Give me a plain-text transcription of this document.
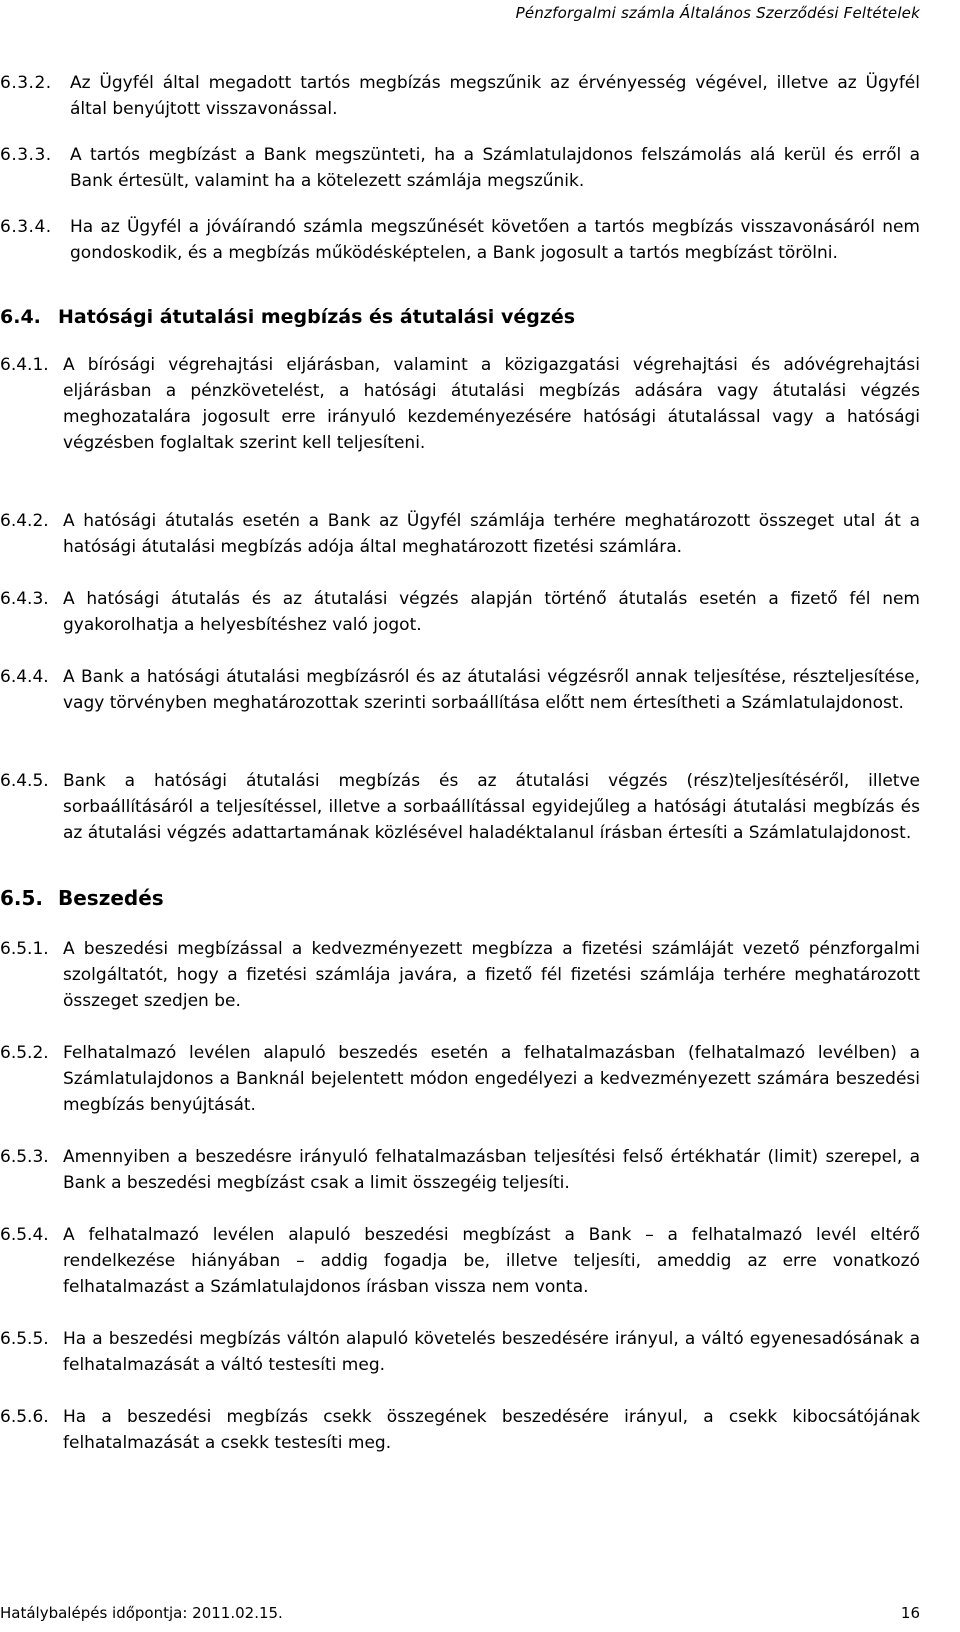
Pénzforgalmi számla Általános Szerződési Feltételek
6.3.2. Az Ügyfél által megadott tartós megbízás megszűnik az érvényesség végével, illetve az Ügyfél által benyújtott visszavonással.
6.3.3. A tartós megbízást a Bank megszünteti, ha a Számlatulajdonos felszámolás alá kerül és erről a Bank értesült, valamint ha a kötelezett számlája megszűnik.
6.3.4. Ha az Ügyfél a jóváírandó számla megszűnését követően a tartós megbízás visszavonásáról nem gondoskodik, és a megbízás működésképtelen, a Bank jogosult a tartós megbízást törölni.
6.4. Hatósági átutalási megbízás és átutalási végzés
6.4.1. A bírósági végrehajtási eljárásban, valamint a közigazgatási végrehajtási és adóvégrehajtási eljárásban a pénzkövetelést, a hatósági átutalási megbízás adására vagy átutalási végzés meghozatalára jogosult erre irányuló kezdeményezésére hatósági átutalással vagy a hatósági végzésben foglaltak szerint kell teljesíteni.
6.4.2. A hatósági átutalás esetén a Bank az Ügyfél számlája terhére meghatározott összeget utal át a hatósági átutalási megbízás adója által meghatározott fizetési számlára.
6.4.3. A hatósági átutalás és az átutalási végzés alapján történő átutalás esetén a fizető fél nem gyakorolhatja a helyesbítéshez való jogot.
6.4.4. A Bank a hatósági átutalási megbízásról és az átutalási végzésről annak teljesítése, részteljesítése, vagy törvényben meghatározottak szerinti sorbaállítása előtt nem értesítheti a Számlatulajdonost.
6.4.5. Bank a hatósági átutalási megbízás és az átutalási végzés (rész)teljesítéséről, illetve sorbaállításáról a teljesítéssel, illetve a sorbaállítással egyidejűleg a hatósági átutalási megbízás és az átutalási végzés adattartamának közlésével haladéktalanul írásban értesíti a Számlatulajdonost.
6.5. Beszedés
6.5.1. A beszedési megbízással a kedvezményezett megbízza a fizetési számláját vezető pénzforgalmi szolgáltatót, hogy a fizetési számlája javára, a fizető fél fizetési számlája terhére meghatározott összeget szedjen be.
6.5.2. Felhatalmazó levélen alapuló beszedés esetén a felhatalmazásban (felhatalmazó levélben) a Számlatulajdonos a Banknál bejelentett módon engedélyezi a kedvezményezett számára beszedési megbízás benyújtását.
6.5.3. Amennyiben a beszedésre irányuló felhatalmazásban teljesítési felső értékhatár (limit) szerepel, a Bank a beszedési megbízást csak a limit összegéig teljesíti.
6.5.4. A felhatalmazó levélen alapuló beszedési megbízást a Bank – a felhatalmazó levél eltérő rendelkezése hiányában – addig fogadja be, illetve teljesíti, ameddig az erre vonatkozó felhatalmazást a Számlatulajdonos írásban vissza nem vonta.
6.5.5. Ha a beszedési megbízás váltón alapuló követelés beszedésére irányul, a váltó egyenesadósának a felhatalmazását a váltó testesíti meg.
6.5.6. Ha a beszedési megbízás csekk összegének beszedésére irányul, a csekk kibocsátójának felhatalmazását a csekk testesíti meg.
Hatálybalépés időpontja: 2011.02.15.	16
